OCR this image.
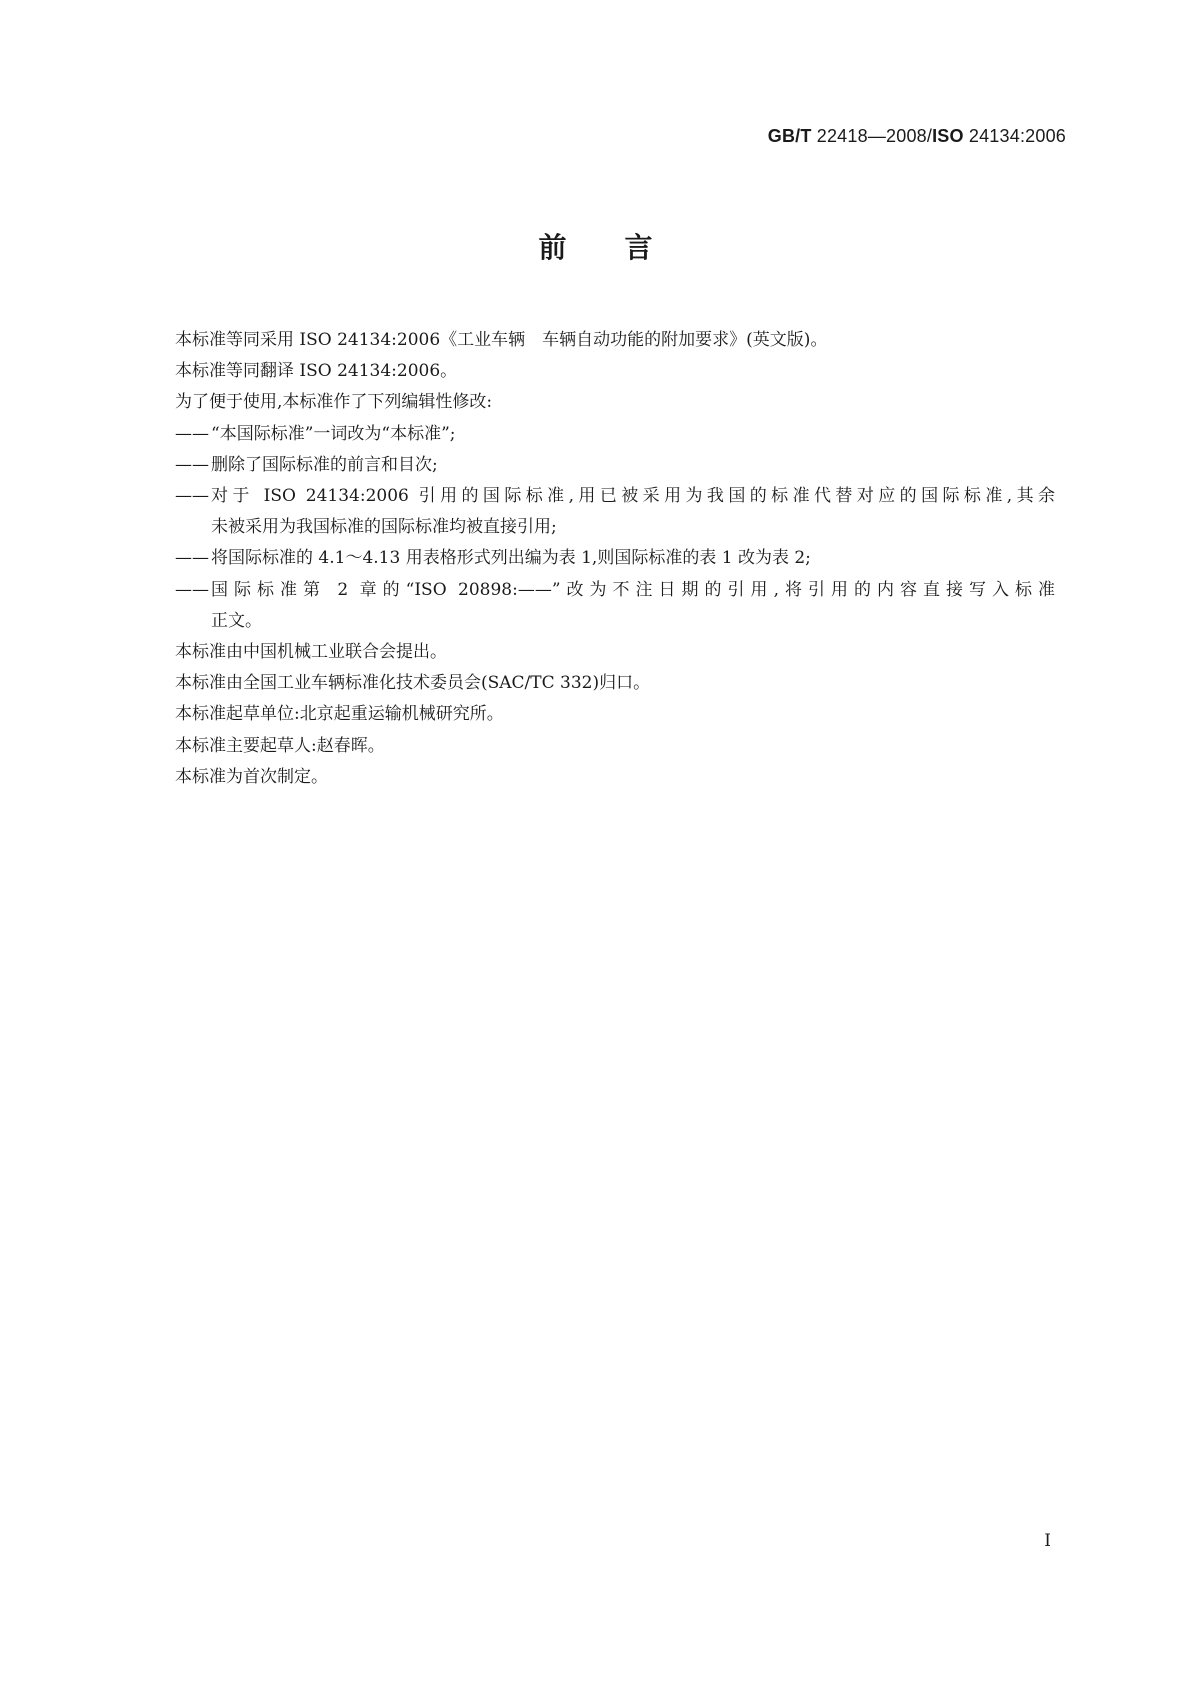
GB/T 22418—2008/ISO 24134:2006
前言

本标准等同采用 ISO 24134:2006《工业车辆　车辆自动功能的附加要求》(英文版)。

本标准等同翻译 ISO 24134:2006。

为了便于使用,本标准作了下列编辑性修改:

—— “本国际标准”一词改为“本标准”;
—— 删除了国际标准的前言和目次;
—— 对于 ISO 24134:2006 引用的国际标准,用已被采用为我国的标准代替对应的国际标准,其余
未被采用为我国标准的国际标准均被直接引用;
—— 将国际标准的 4.1～4.13 用表格形式列出编为表 1,则国际标准的表 1 改为表 2;
—— 国际标准第 2 章的“ISO 20898:——”改为不注日期的引用,将引用的内容直接写入标准
正文。

本标准由中国机械工业联合会提出。

本标准由全国工业车辆标准化技术委员会(SAC/TC 332)归口。

本标准起草单位:北京起重运输机械研究所。

本标准主要起草人:赵春晖。

本标准为首次制定。

I
